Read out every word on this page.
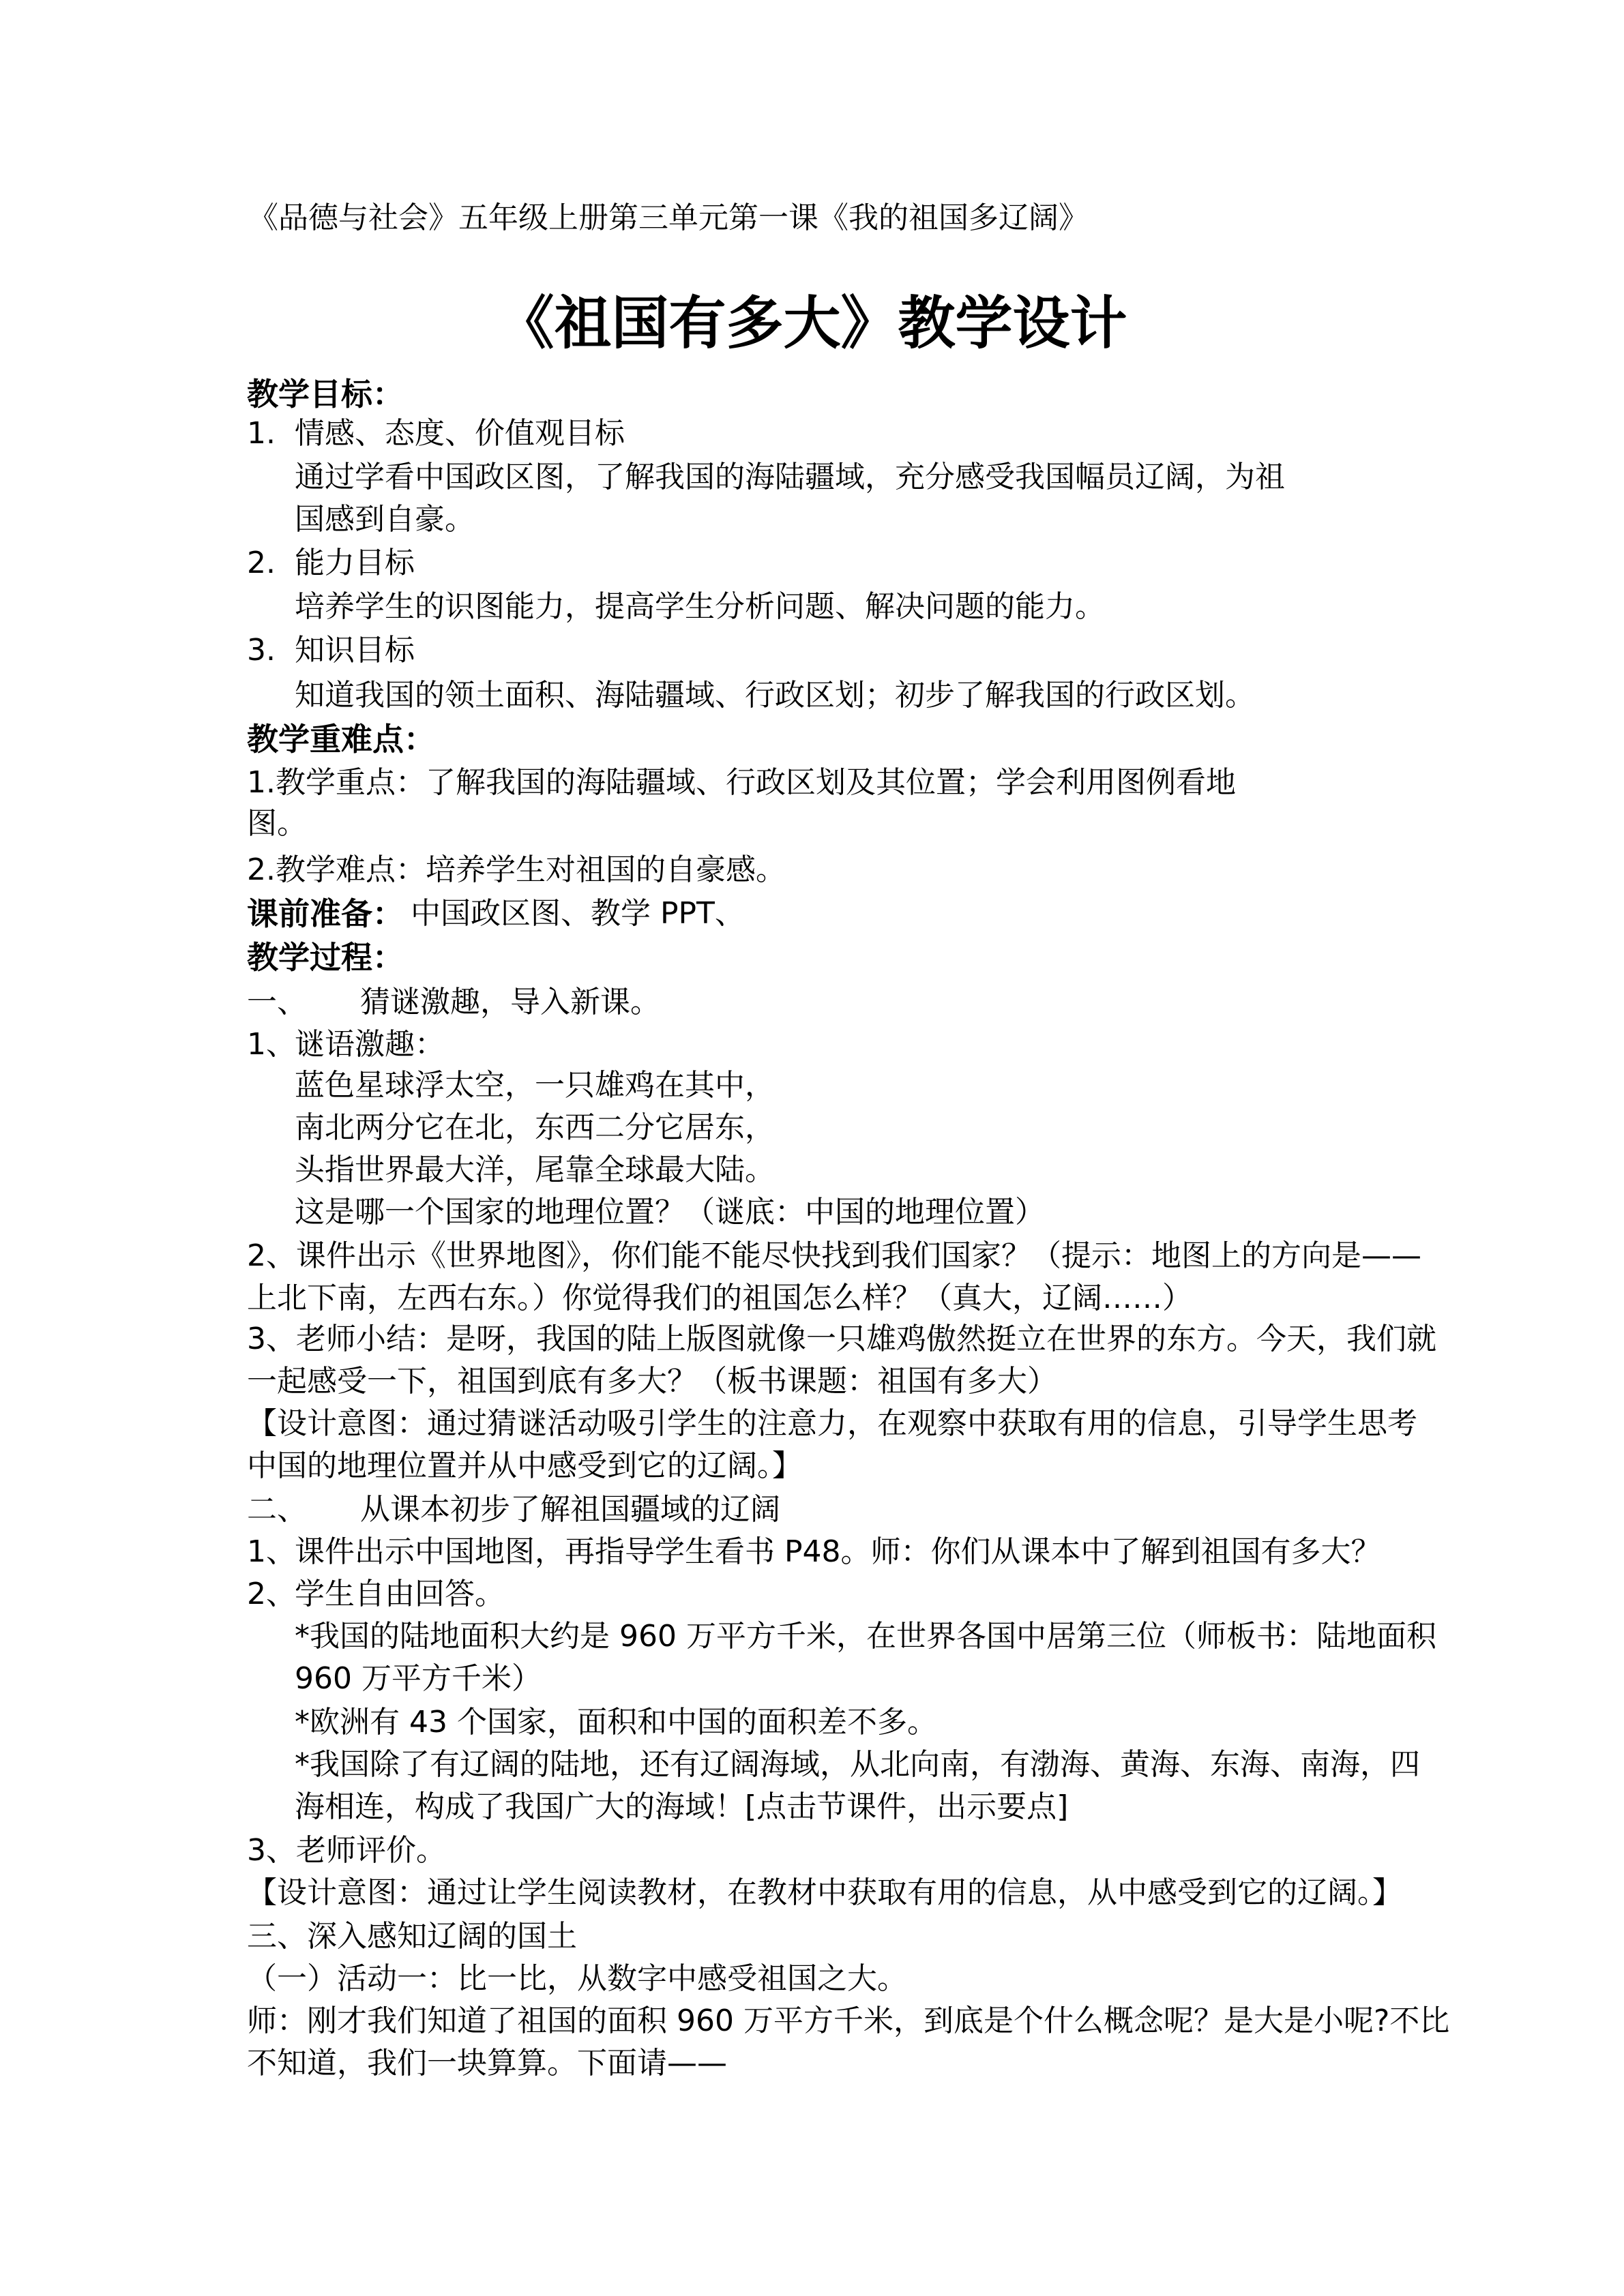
《品德与社会》五年级上册第三单元第一课《我的祖国多辽阔》
《祖国有多大》教学设计
教学目标：
1. 情感、态度、价值观目标
通过学看中国政区图，了解我国的海陆疆域，充分感受我国幅员辽阔，为祖
国感到自豪。
2. 能力目标
培养学生的识图能力，提高学生分析问题、解决问题的能力。
3. 知识目标
知道我国的领土面积、海陆疆域、行政区划；初步了解我国的行政区划。
教学重难点：
1.教学重点：了解我国的海陆疆域、行政区划及其位置；学会利用图例看地
图。
2.教学难点：培养学生对祖国的自豪感。
课前准备： 中国政区图、教学 PPT、
教学过程：
一、 猜谜激趣，导入新课。
1、
谜语激趣：
蓝色星球浮太空，一只雄鸡在其中，
南北两分它在北，东西二分它居东，
头指世界最大洋，尾靠全球最大陆。
这是哪一个国家的地理位置？（谜底：中国的地理位置）
2、课件出示《世界地图》，你们能不能尽快找到我们国家？（提示：地图上的方向是——
上北下南，左西右东。）你觉得我们的祖国怎么样？（真大，辽阔……）
3、老师小结：是呀，我国的陆上版图就像一只雄鸡傲然挺立在世界的东方。今天，我们就
一起感受一下，祖国到底有多大？（板书课题：祖国有多大）
【设计意图：通过猜谜活动吸引学生的注意力，在观察中获取有用的信息，引导学生思考
中国的地理位置并从中感受到它的辽阔。】
二、 从课本初步了解祖国疆域的辽阔
1、
课件出示中国地图，再指导学生看书 P48。师：你们从课本中了解到祖国有多大？
2、
学生自由回答。
*我国的陆地面积大约是 960 万平方千米，在世界各国中居第三位（师板书：陆地面积
960 万平方千米）
*欧洲有 43 个国家，面积和中国的面积差不多。
*我国除了有辽阔的陆地，还有辽阔海域，从北向南，有渤海、黄海、东海、南海，四
海相连，构成了我国广大的海域！[点击节课件，出示要点]
3、老师评价。
【设计意图：通过让学生阅读教材，在教材中获取有用的信息，从中感受到它的辽阔。】
三、深入感知辽阔的国土
（一）活动一：比一比，从数字中感受祖国之大。
师：刚才我们知道了祖国的面积 960 万平方千米，到底是个什么概念呢？是大是小呢?不比
不知道，我们一块算算。下面请——
